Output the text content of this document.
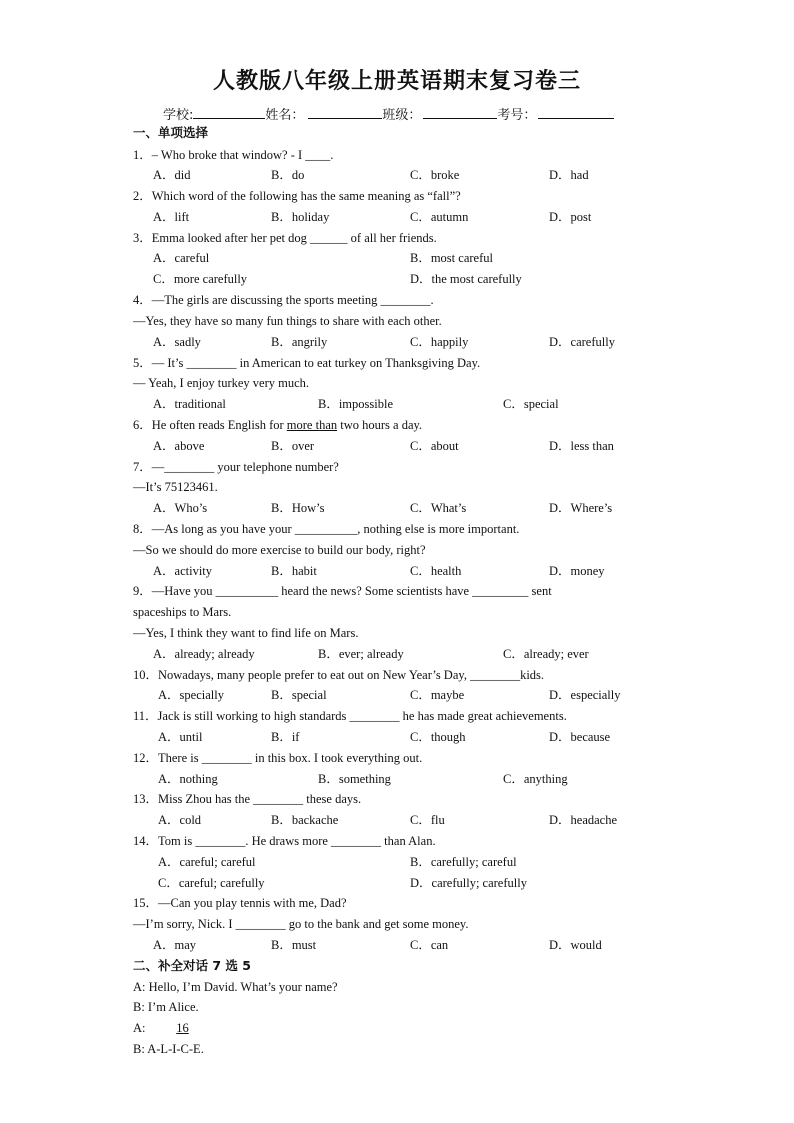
人教版八年级上册英语期末复习卷三
学校:	姓名：	班级：	考号：
一、单项选择
1．– Who broke that window? - I ____.
A．did	B．do	C．broke	D．had
2．Which word of the following has the same meaning as “fall”?
A．lift	B．holiday	C．autumn	D．post
3．Emma looked after her pet dog ______ of all her friends.
A．careful	B．most careful
C．more carefully	D．the most carefully
4．—The girls are discussing the sports meeting ________.
—Yes, they have so many fun things to share with each other.
A．sadly	B．angrily	C．happily	D．carefully
5．— It’s ________ in American to eat turkey on Thanksgiving Day.
— Yeah, I enjoy turkey very much.
A．traditional	B．impossible	C．special
6．He often reads English for more than two hours a day.
A．above	B．over	C．about	D．less than
7．—________ your telephone number?
—It’s 75123461.
A．Who’s	B．How’s	C．What’s	D．Where’s
8．—As long as you have your __________, nothing else is more important.
—So we should do more exercise to build our body, right?
A．activity	B．habit	C．health	D．money
9．—Have you __________ heard the news? Some scientists have _________ sent
spaceships to Mars.
—Yes, I think they want to find life on Mars.
A．already; already	B．ever; already	C．already; ever
10．Nowadays, many people prefer to eat out on New Year’s Day, ________kids.
A．specially	B．special	C．maybe	D．especially
11．Jack is still working to high standards ________ he has made great achievements.
A．until	B．if	C．though	D．because
12．There is ________ in this box. I took everything out.
A．nothing	B．something	C．anything
13．Miss Zhou has the ________ these days.
A．cold	B．backache	C．flu	D．headache
14．Tom is ________. He draws more ________ than Alan.
A．careful; careful	B．carefully; careful
C．careful; carefully	D．carefully; carefully
15．—Can you play tennis with me, Dad?
—I’m sorry, Nick. I ________ go to the bank and get some money.
A．may	B．must	C．can	D．would
二、补全对话 7 选 5
A: Hello, I’m David. What’s your name?
B: I’m Alice.
A: 16
B: A-L-I-C-E.
